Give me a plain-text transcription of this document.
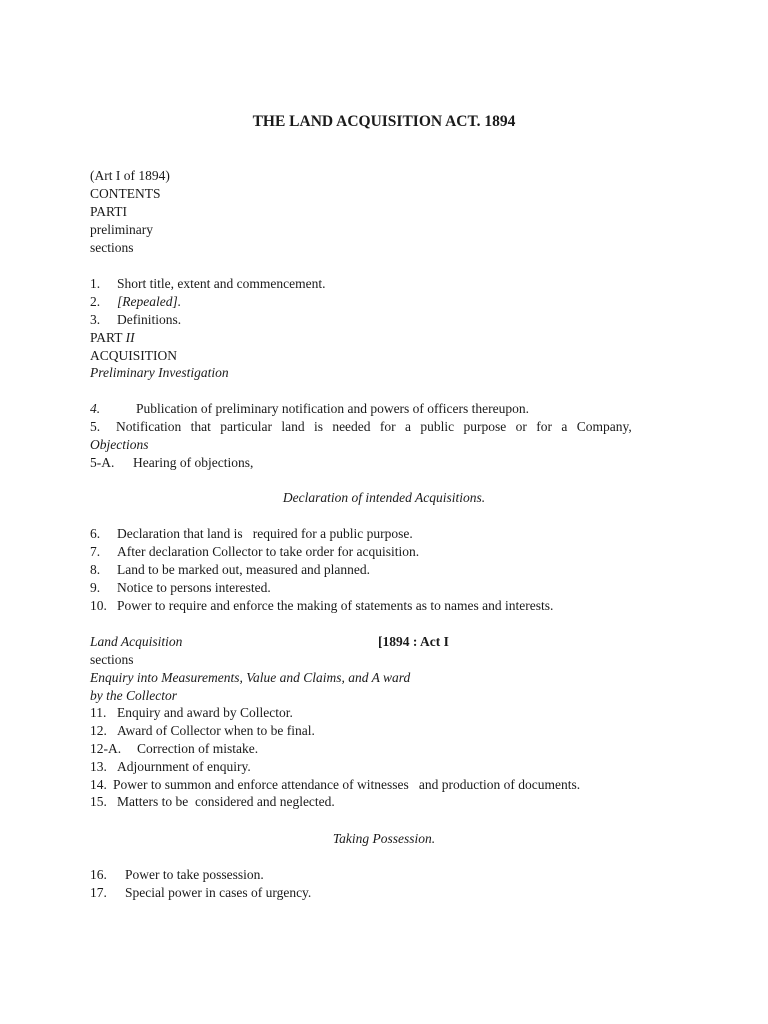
THE LAND ACQUISITION ACT. 1894
(Art I of 1894)
CONTENTS
PARTI
preliminary
sections
1. Short title, extent and commencement.
2. [Repealed].
3. Definitions.
PART II
ACQUISITION
Preliminary Investigation
4.	Publication of preliminary notification and powers of officers thereupon.
5. Notification that particular land is needed for a public purpose or for a Company,
Objections
5-A. Hearing of objections,
Declaration of intended Acquisitions.
6. Declaration that land is   required for a public purpose.
7. After declaration Collector to take order for acquisition.
8. Land to be marked out, measured and planned.
9. Notice to persons interested.
10. Power to require and enforce the making of statements as to names and interests.
Land Acquisition	[1894 : Act I
sections
Enquiry into Measurements, Value and Claims, and A ward
by the Collector
11. Enquiry and award by Collector.
12. Award of Collector when to be final.
12-A. Correction of mistake.
13. Adjournment of enquiry.
14. Power to summon and enforce attendance of witnesses   and production of documents.
15. Matters to be  considered and neglected.
Taking Possession.
16. Power to take possession.
17. Special power in cases of urgency.
